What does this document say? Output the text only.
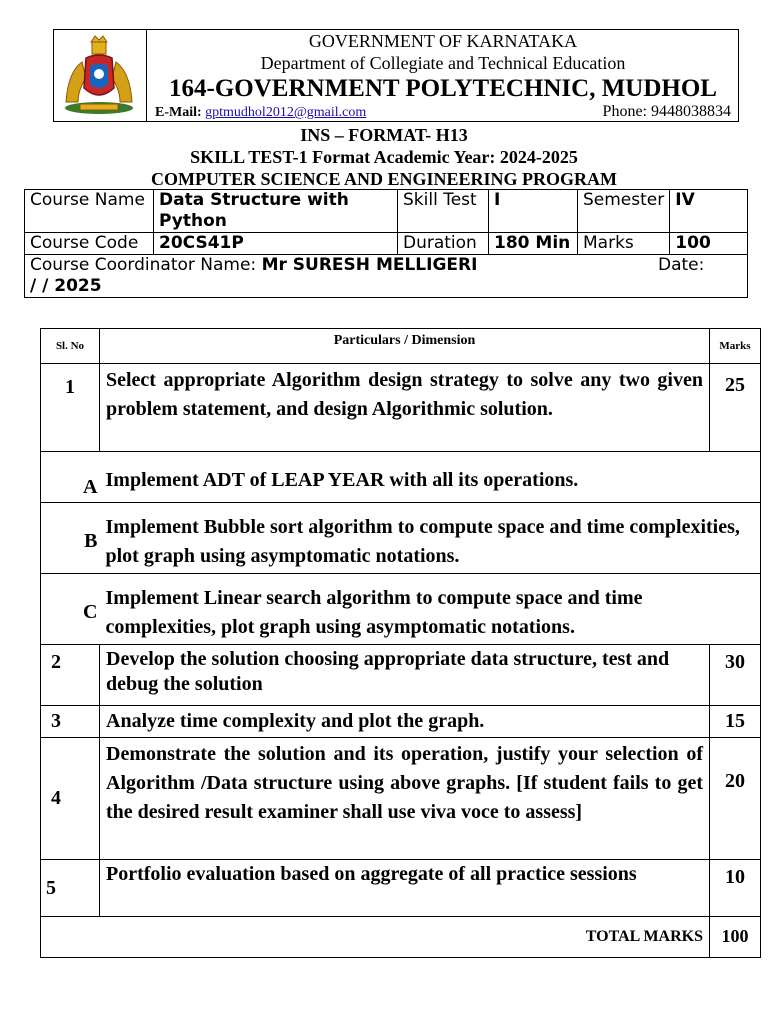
GOVERNMENT OF KARNATAKA
Department of Collegiate and Technical Education
164-GOVERNMENT POLYTECHNIC, MUDHOL
E-Mail: gptmudhol2012@gmail.com	Phone: 9448038834
INS – FORMAT- H13
SKILL TEST-1 Format Academic Year: 2024-2025
COMPUTER SCIENCE AND ENGINEERING PROGRAM
Course Name	Data Structure with Python	Skill Test	I	Semester	IV
Course Code	20CS41P	Duration	180 Min	Marks	100
Course Coordinator Name: Mr SURESH MELLIGERI Date:

/ / 2025					
Sl. No	Particulars / Dimension	Marks
1	Select appropriate Algorithm design strategy to solve any two given problem statement, and design Algorithmic solution.	25
A	Implement ADT of LEAP YEAR with all its operations.	
B	Implement Bubble sort algorithm to compute space and time complexities, plot graph using asymptomatic notations.	
C	Implement Linear search algorithm to compute space and time complexities, plot graph using asymptomatic notations.	
2	Develop the solution choosing appropriate data structure, test and debug the solution	30
3	Analyze time complexity and plot the graph.	15
4	Demonstrate the solution and its operation, justify your selection of Algorithm /Data structure using above graphs. [If student fails to get the desired result examiner shall use viva voce to assess]	20
5	Portfolio evaluation based on aggregate of all practice sessions	10
TOTAL MARKS		100
